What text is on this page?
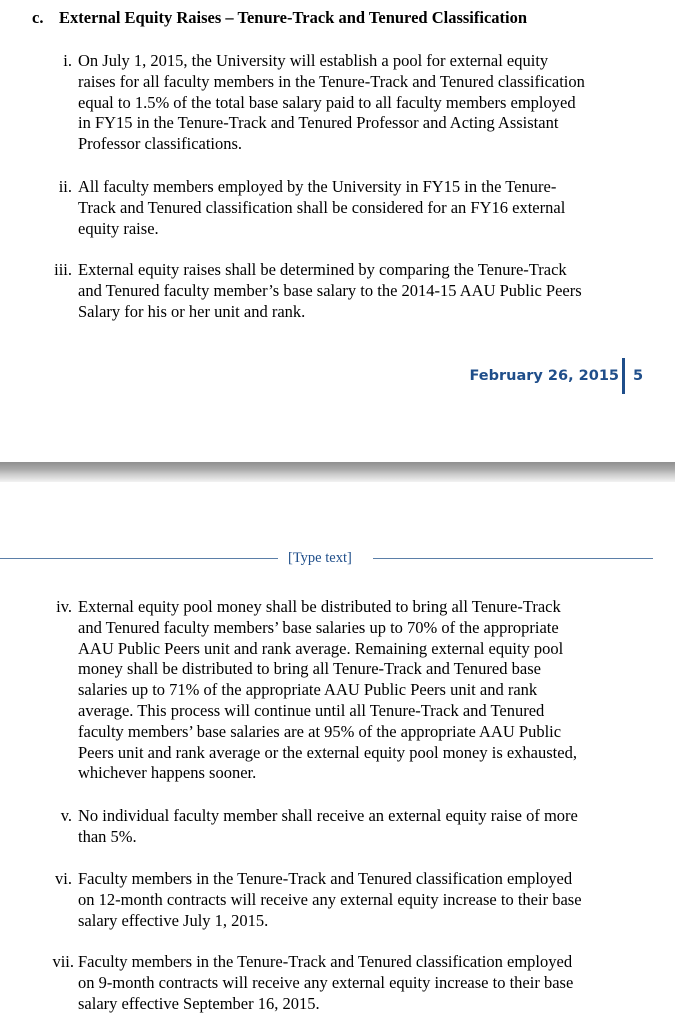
c. External Equity Raises – Tenure-Track and Tenured Classification
i. On July 1, 2015, the University will establish a pool for external equity
raises for all faculty members in the Tenure-Track and Tenured classification
equal to 1.5% of the total base salary paid to all faculty members employed
in FY15 in the Tenure-Track and Tenured Professor and Acting Assistant
Professor classifications.
ii. All faculty members employed by the University in FY15 in the Tenure-
Track and Tenured classification shall be considered for an FY16 external
equity raise.
iii. External equity raises shall be determined by comparing the Tenure-Track
and Tenured faculty member’s base salary to the 2014-15 AAU Public Peers
Salary for his or her unit and rank.
February 26, 2015 5
[Type text]
iv. External equity pool money shall be distributed to bring all Tenure-Track
and Tenured faculty members’ base salaries up to 70% of the appropriate
AAU Public Peers unit and rank average. Remaining external equity pool
money shall be distributed to bring all Tenure-Track and Tenured base
salaries up to 71% of the appropriate AAU Public Peers unit and rank
average. This process will continue until all Tenure-Track and Tenured
faculty members’ base salaries are at 95% of the appropriate AAU Public
Peers unit and rank average or the external equity pool money is exhausted,
whichever happens sooner.
v. No individual faculty member shall receive an external equity raise of more
than 5%.
vi. Faculty members in the Tenure-Track and Tenured classification employed
on 12-month contracts will receive any external equity increase to their base
salary effective July 1, 2015.
vii. Faculty members in the Tenure-Track and Tenured classification employed
on 9-month contracts will receive any external equity increase to their base
salary effective September 16, 2015.
